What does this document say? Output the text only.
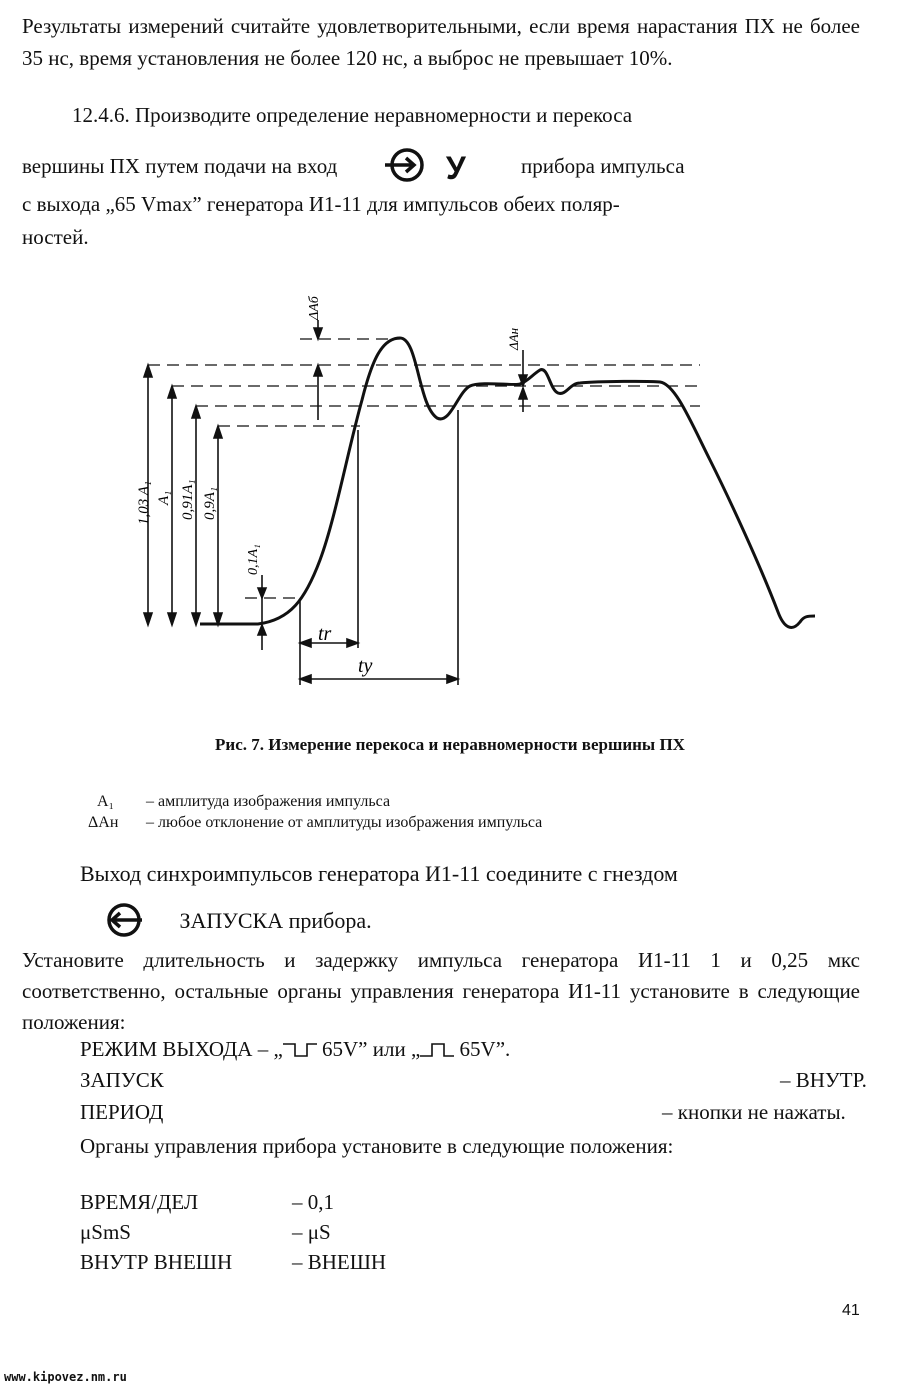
Результаты измерений считайте удовлетворительными, если время нарастания ПХ не более 35 нс, время установления не более 120 нс, а выброс не превышает 10%.
12.4.6. Производите определение неравномерности и перекоса
вершины ПХ путем подачи на вход	У	прибора импульса
с выхода „65 Vmax” генератора И1-11 для импульсов обеих поляр-
ностей.
1,03 A₁ A₁ 0,91A₁ 0,9A₁
0,1A₁
ΔAб
ΔAн
tr
tу
Рис. 7. Измерение перекоса и неравномерности вершины ПХ
A₁ – амплитуда изображения импульса
ΔAн – любое отклонение от амплитуды изображения импульса
Выход синхроимпульсов генератора И1-11 соедините с гнездом
ЗАПУСКА прибора.
Установите длительность и задержку импульса генератора И1-11 1 и 0,25 мкс соответственно, остальные органы управления генератора И1-11 установите в следующие положения:
РЕЖИМ ВЫХОДА – „ 65V” или „ 65V”.
ЗАПУСК	– ВНУТР.
ПЕРИОД	– кнопки не нажаты.
Органы управления прибора установите в следующие положения:
ВРЕМЯ/ДЕЛ	– 0,1
μSmS	– μS
ВНУТР ВНЕШН	– ВНЕШН
41
www.kipovez.nm.ru
